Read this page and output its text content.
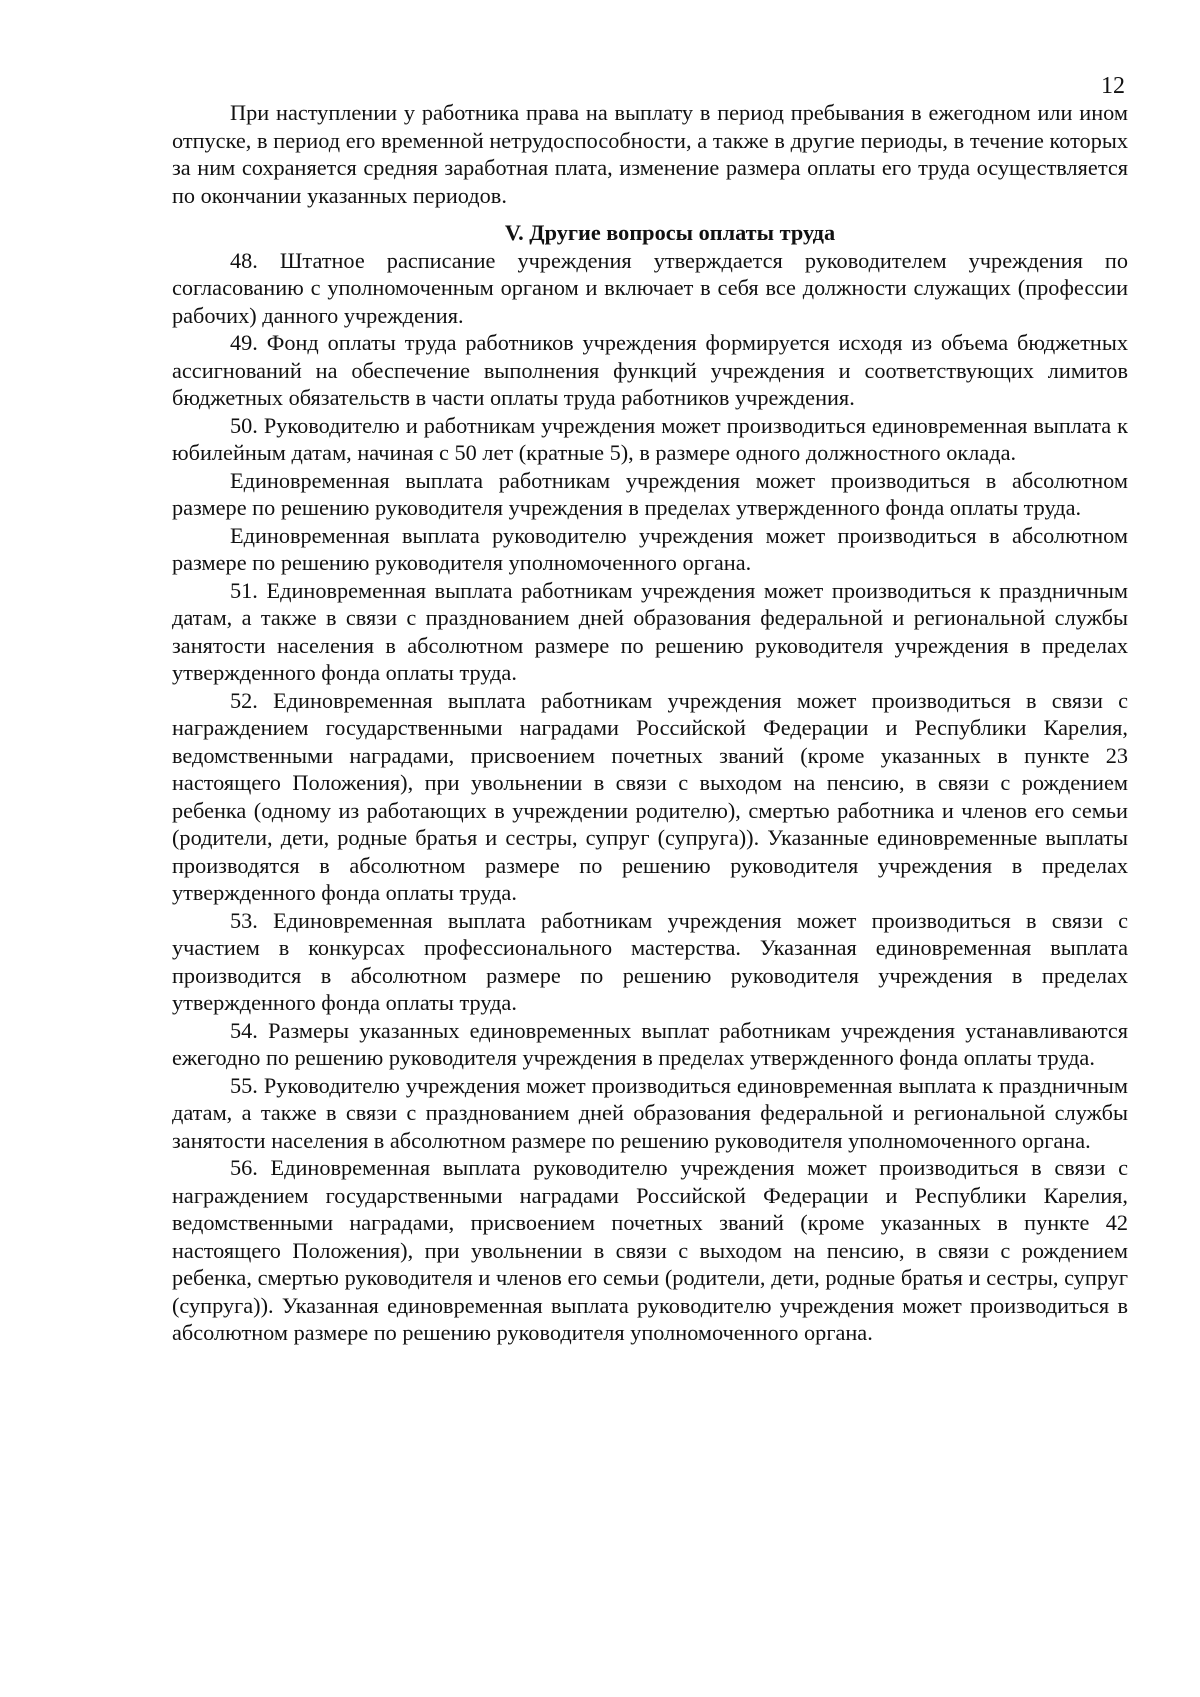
12

При наступлении у работника права на выплату в период пребывания в ежегодном или ином отпуске, в период его временной нетрудоспособности, а также в другие периоды, в течение которых за ним сохраняется средняя заработная плата, изменение размера оплаты его труда осуществляется по окончании указанных периодов.

V. Другие вопросы оплаты труда

48. Штатное расписание учреждения утверждается руководителем учреждения по согласованию с уполномоченным органом и включает в себя все должности служащих (профессии рабочих) данного учреждения.

49. Фонд оплаты труда работников учреждения формируется исходя из объема бюджетных ассигнований на обеспечение выполнения функций учреждения и соответствующих лимитов бюджетных обязательств в части оплаты труда работников учреждения.

50. Руководителю и работникам учреждения может производиться единовременная выплата к юбилейным датам, начиная с 50 лет (кратные 5), в размере одного должностного оклада.

Единовременная выплата работникам учреждения может производиться в абсолютном размере по решению руководителя учреждения в пределах утвержденного фонда оплаты труда.

Единовременная выплата руководителю учреждения может производиться в абсолютном размере по решению руководителя уполномоченного органа.

51. Единовременная выплата работникам учреждения может производиться к праздничным датам, а также в связи с празднованием дней образования федеральной и региональной службы занятости населения в абсолютном размере по решению руководителя учреждения в пределах утвержденного фонда оплаты труда.

52. Единовременная выплата работникам учреждения может производиться в связи с награждением государственными наградами Российской Федерации и Республики Карелия, ведомственными наградами, присвоением почетных званий (кроме указанных в пункте 23 настоящего Положения), при увольнении в связи с выходом на пенсию, в связи с рождением ребенка (одному из работающих в учреждении родителю), смертью работника и членов его семьи (родители, дети, родные братья и сестры, супруг (супруга)). Указанные единовременные выплаты производятся в абсолютном размере по решению руководителя учреждения в пределах утвержденного фонда оплаты труда.

53. Единовременная выплата работникам учреждения может производиться в связи с участием в конкурсах профессионального мастерства. Указанная единовременная выплата производится в абсолютном размере по решению руководителя учреждения в пределах утвержденного фонда оплаты труда.

54. Размеры указанных единовременных выплат работникам учреждения устанавливаются ежегодно по решению руководителя учреждения в пределах утвержденного фонда оплаты труда.

55. Руководителю учреждения может производиться единовременная выплата к праздничным датам, а также в связи с празднованием дней образования федеральной и региональной службы занятости населения в абсолютном размере по решению руководителя уполномоченного органа.

56. Единовременная выплата руководителю учреждения может производиться в связи с награждением государственными наградами Российской Федерации и Республики Карелия, ведомственными наградами, присвоением почетных званий (кроме указанных в пункте 42 настоящего Положения), при увольнении в связи с выходом на пенсию, в связи с рождением ребенка, смертью руководителя и членов его семьи (родители, дети, родные братья и сестры, супруг (супруга)). Указанная единовременная выплата руководителю учреждения может производиться в абсолютном размере по решению руководителя уполномоченного органа.
